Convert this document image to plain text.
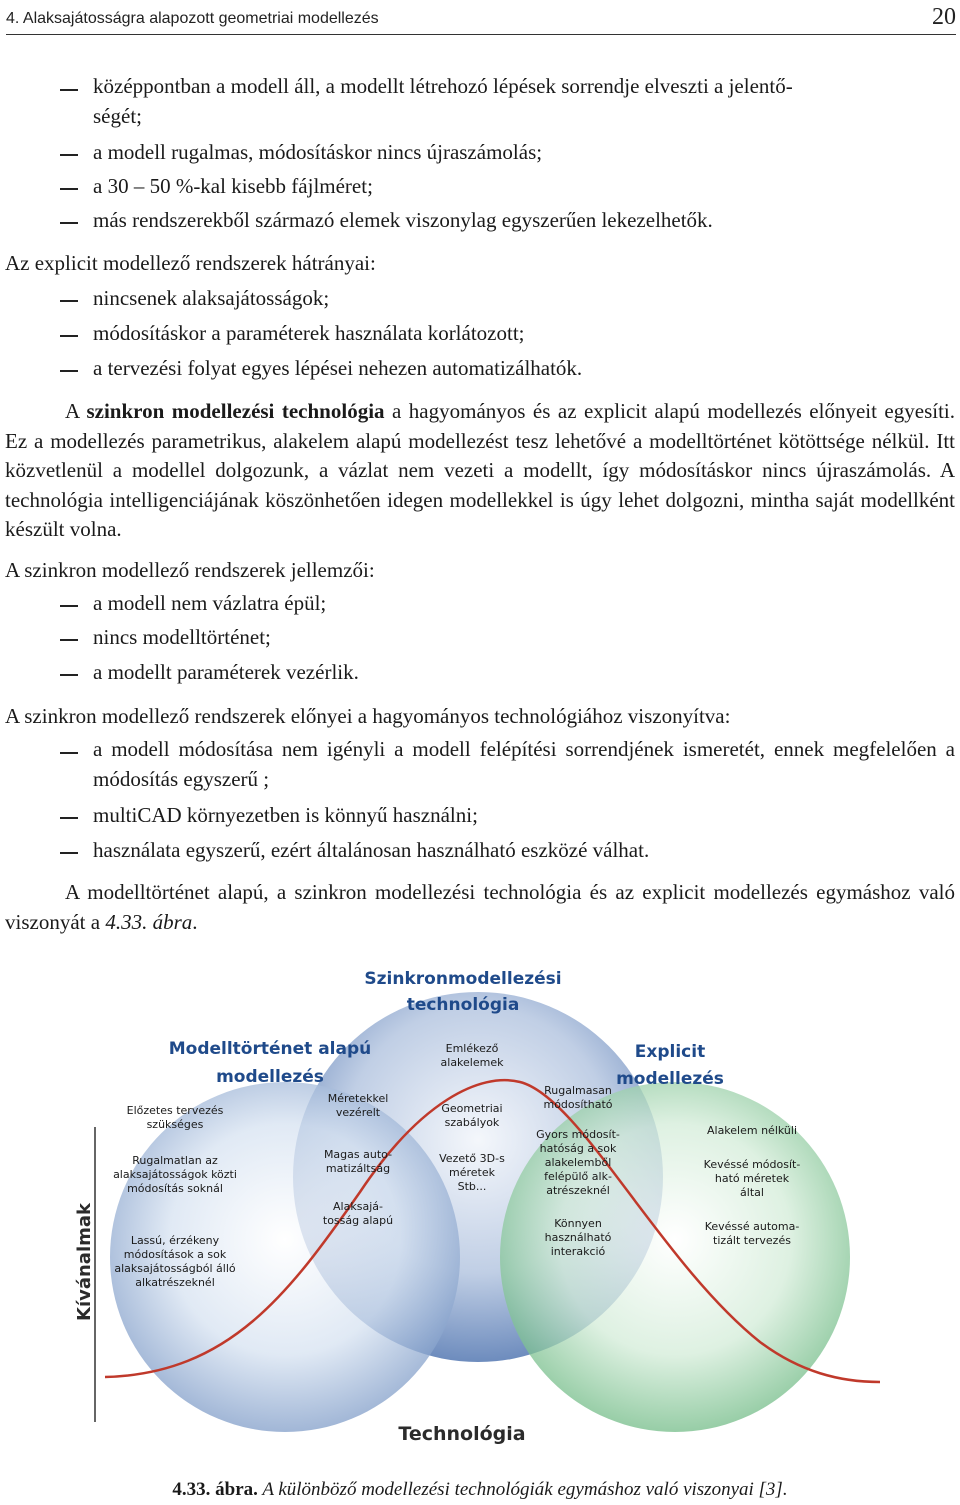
4. Alaksajátosságra alapozott geometriai modellezés	20
középpontban a modell áll, a modellt létrehozó lépések sorrendje elveszti a jelentő-
ségét;
a modell rugalmas, módosításkor nincs újraszámolás;
a 30 – 50 %-kal kisebb fájlméret;
más rendszerekből származó elemek viszonylag egyszerűen lekezelhetők.
Az explicit modellező rendszerek hátrányai:
nincsenek alaksajátosságok;
módosításkor a paraméterek használata korlátozott;
a tervezési folyat egyes lépései nehezen automatizálhatók.
A szinkron modellezési technológia a hagyományos és az explicit alapú modellezés előnyeit egyesíti. Ez a modellezés parametrikus, alakelem alapú modellezést tesz lehetővé a modelltörténet kötöttsége nélkül. Itt közvetlenül a modellel dolgozunk, a vázlat nem vezeti a modellt, így módosításkor nincs újraszámolás. A technológia intelligenciájának köszönhetően idegen modellekkel is úgy lehet dolgozni, mintha saját modellként készült volna.
A szinkron modellező rendszerek jellemzői:
a modell nem vázlatra épül;
nincs modelltörténet;
a modellt paraméterek vezérlik.
A szinkron modellező rendszerek előnyei a hagyományos technológiához viszonyítva:
a modell módosítása nem igényli a modell felépítési sorrendjének ismeretét, ennek megfelelően a módosítás egyszerű ;
multiCAD környezetben is könnyű használni;
használata egyszerű, ezért általánosan használható eszközé válhat.
A modelltörténet alapú, a szinkron modellezési technológia és az explicit modellezés egymáshoz való viszonyát a 4.33. ábra.
Kívánalmak
Technológia
Szinkronmodellezési
technológia
Modelltörténet alapú
modellezés
Explicit
modellezés
Előzetes tervezés
szükséges
Rugalmatlan az
alaksajátosságok közti
módosítás soknál
Lassú, érzékeny
módosítások a sok
alaksajátosságból álló
alkatrészeknél
Méretekkel
vezérelt
Magas auto-
matizáltság
Alaksajá-
tosság alapú
Emlékező
alakelemek
Geometriai
szabályok
Vezető 3D-s
méretek
Stb...
Rugalmasan
módosítható
Gyors módosít-
hatóság a sok
alakelemből
felépülő alk-
atrészeknél
Könnyen
használható
interakció
Alakelem nélküli
Kevéssé módosít-
ható méretek
által
Kevéssé automa-
tizált tervezés
4.33. ábra. A különböző modellezési technológiák egymáshoz való viszonyai [3].
